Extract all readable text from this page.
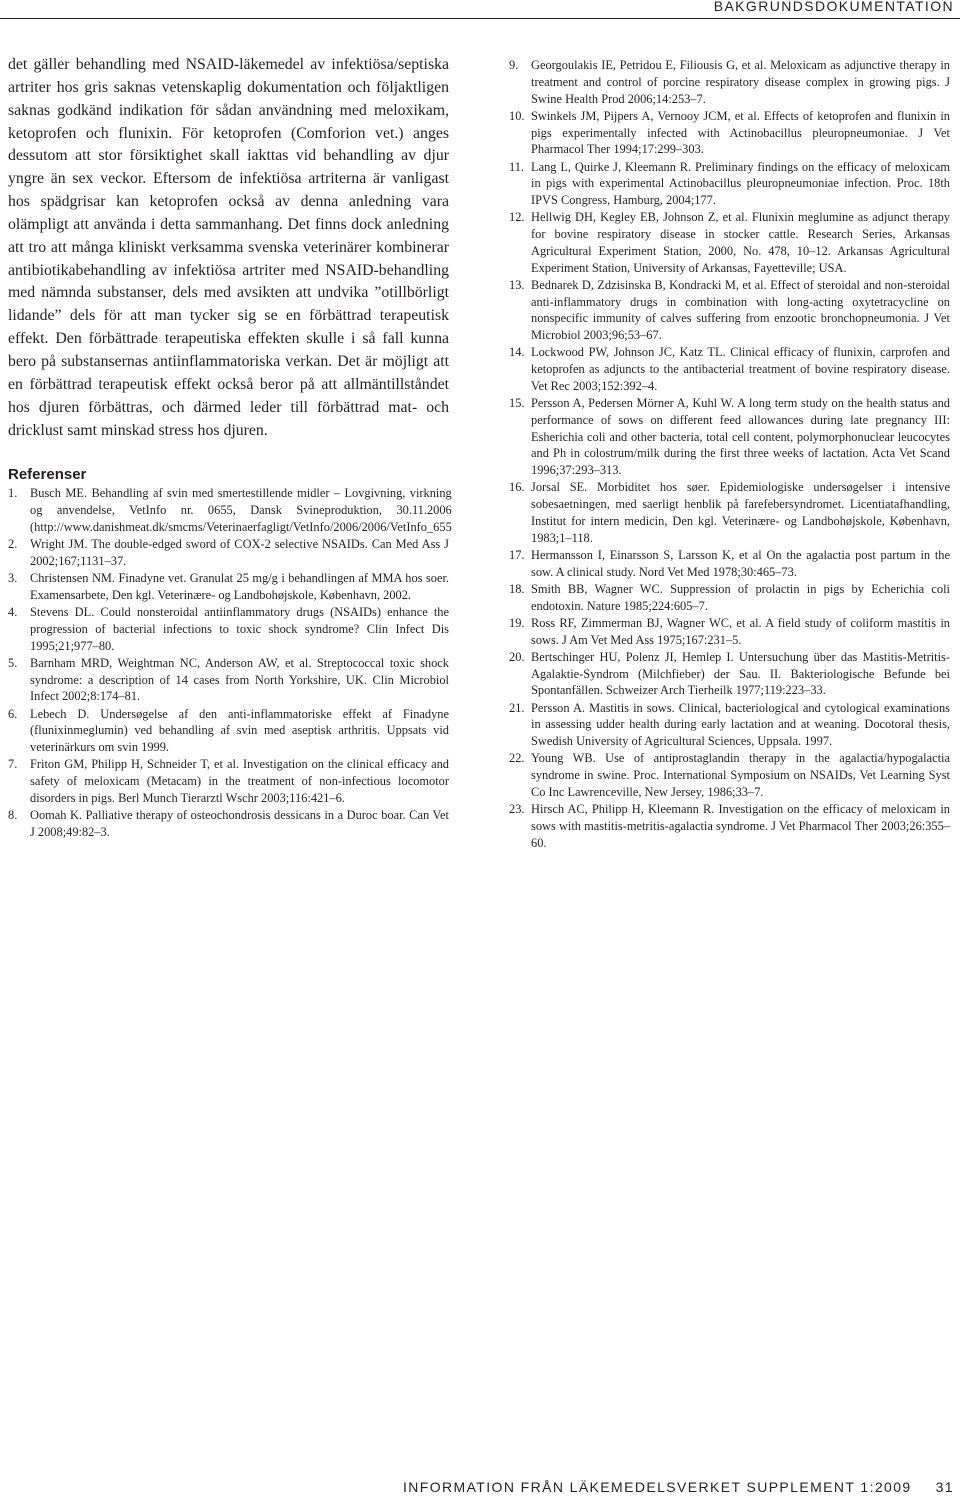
BAKGRUNDSDOKUMENTATION

det gäller behandling med NSAID-läkemedel av infektiösa/septiska artriter hos gris saknas vetenskaplig dokumentation och följaktligen saknas godkänd indikation för sådan användning med meloxikam, ketoprofen och flunixin. För ketoprofen (Comforion vet.) anges dessutom att stor försiktighet skall iakttas vid behandling av djur yngre än sex veckor. Eftersom de infektiösa artriterna är vanligast hos spädgrisar kan ketoprofen också av denna anledning vara olämpligt att använda i detta sammanhang. Det finns dock anledning att tro att många kliniskt verksamma svenska veterinärer kombinerar antibiotikabehandling av infektiösa artriter med NSAID-behandling med nämnda substanser, dels med avsikten att undvika ”otillbörligt lidande” dels för att man tycker sig se en förbättrad terapeutisk effekt. Den förbättrade terapeutiska effekten skulle i så fall kunna bero på substansernas antiinflammatoriska verkan. Det är möjligt att en förbättrad terapeutisk effekt också beror på att allmäntillståndet hos djuren förbättras, och därmed leder till förbättrad mat- och dricklust samt minskad stress hos djuren.

Referenser
1.	Busch ME. Behandling af svin med smertestillende midler – Lovgivning, virkning og anvendelse, VetInfo nr. 0655, Dansk Svineproduktion, 30.11.2006 (http://www.danishmeat.dk/smcms/Veterinaerfagligt/VetInfo/2006/2006/VetInfo_655
2.	Wright JM. The double-edged sword of COX-2 selective NSAIDs. Can Med Ass J 2002;167;1131–37.
3.	Christensen NM. Finadyne vet. Granulat 25 mg/g i behandlingen af MMA hos soer. Examensarbete, Den kgl. Veterinære- og Landbohøjskole, København, 2002.
4.	Stevens DL. Could nonsteroidal antiinflammatory drugs (NSAIDs) enhance the progression of bacterial infections to toxic shock syndrome? Clin Infect Dis 1995;21;977–80.
5.	Barnham MRD, Weightman NC, Anderson AW, et al. Streptococcal toxic shock syndrome: a description of 14 cases from North Yorkshire, UK. Clin Microbiol Infect 2002;8:174–81.
6.	Lebech D. Undersøgelse af den anti-inflammatoriske effekt af Finadyne (flunixinmeglumin) ved behandling af svin med aseptisk arthritis. Uppsats vid veterinärkurs om svin 1999.
7.	Friton GM, Philipp H, Schneider T, et al. Investigation on the clinical efficacy and safety of meloxicam (Metacam) in the treatment of non-infectious locomotor disorders in pigs. Berl Munch Tierarztl Wschr 2003;116:421–6.
8.	Oomah K. Palliative therapy of osteochondrosis dessicans in a Duroc boar. Can Vet J 2008;49:82–3.
9.	Georgoulakis IE, Petridou E, Filiousis G, et al. Meloxicam as adjunctive therapy in treatment and control of porcine respiratory disease complex in growing pigs. J Swine Health Prod 2006;14:253–7.
10. Swinkels JM, Pijpers A, Vernooy JCM, et al. Effects of ketoprofen and flunixin in pigs experimentally infected with Actinobacillus pleuropneumoniae. J Vet Pharmacol Ther 1994;17:299–303.
11. Lang L, Quirke J, Kleemann R. Preliminary findings on the efficacy of meloxicam in pigs with experimental Actinobacillus pleuropneumoniae infection. Proc. 18th IPVS Congress, Hamburg, 2004;177.
12. Hellwig DH, Kegley EB, Johnson Z, et al. Flunixin meglumine as adjunct therapy for bovine respiratory disease in stocker cattle. Research Series, Arkansas Agricultural Experiment Station, 2000, No. 478, 10–12. Arkansas Agricultural Experiment Station, University of Arkansas, Fayetteville; USA.
13. Bednarek D, Zdzisinska B, Kondracki M, et al. Effect of steroidal and non-steroidal anti-inflammatory drugs in combination with long-acting oxytetracycline on nonspecific immunity of calves suffering from enzootic bronchopneumonia. J Vet Microbiol 2003;96;53–67.
14. Lockwood PW, Johnson JC, Katz TL. Clinical efficacy of flunixin, carprofen and ketoprofen as adjuncts to the antibacterial treatment of bovine respiratory disease. Vet Rec 2003;152:392–4.
15. Persson A, Pedersen Mörner A, Kuhl W. A long term study on the health status and performance of sows on different feed allowances during late pregnancy III: Esherichia coli and other bacteria, total cell content, polymorphonuclear leucocytes and Ph in colostrum/milk during the first three weeks of lactation. Acta Vet Scand 1996;37:293–313.
16. Jorsal SE. Morbiditet hos søer. Epidemiologiske undersøgelser i intensive sobesaetningen, med saerligt henblik på farefebersyndromet. Licentiatafhandling, Institut for intern medicin, Den kgl. Veterinære- og Landbohøjskole, København, 1983;1–118.
17. Hermansson I, Einarsson S, Larsson K, et al On the agalactia post partum in the sow. A clinical study. Nord Vet Med 1978;30:465–73.
18. Smith BB, Wagner WC. Suppression of prolactin in pigs by Echerichia coli endotoxin. Nature 1985;224:605–7.
19. Ross RF, Zimmerman BJ, Wagner WC, et al. A field study of coliform mastitis in sows. J Am Vet Med Ass 1975;167:231–5.
20. Bertschinger HU, Polenz JI, Hemlep I. Untersuchung über das Mastitis-Metritis-Agalaktie-Syndrom (Milchfieber) der Sau. II. Bakteriologische Befunde bei Spontanfällen. Schweizer Arch Tierheilk 1977;119:223–33.
21. Persson A. Mastitis in sows. Clinical, bacteriological and cytological examinations in assessing udder health during early lactation and at weaning. Docotoral thesis, Swedish University of Agricultural Sciences, Uppsala. 1997.
22. Young WB. Use of antiprostaglandin therapy in the agalactia/hypogalactia syndrome in swine. Proc. International Symposium on NSAIDs, Vet Learning Syst Co Inc Lawrenceville, New Jersey, 1986;33–7.
23. Hirsch AC, Philipp H, Kleemann R. Investigation on the efficacy of meloxicam in sows with mastitis-metritis-agalactia syndrome. J Vet Pharmacol Ther 2003;26:355–60.
INFORMATION FRÅN LÄKEMEDELSVERKET SUPPLEMENT 1:2009 31
